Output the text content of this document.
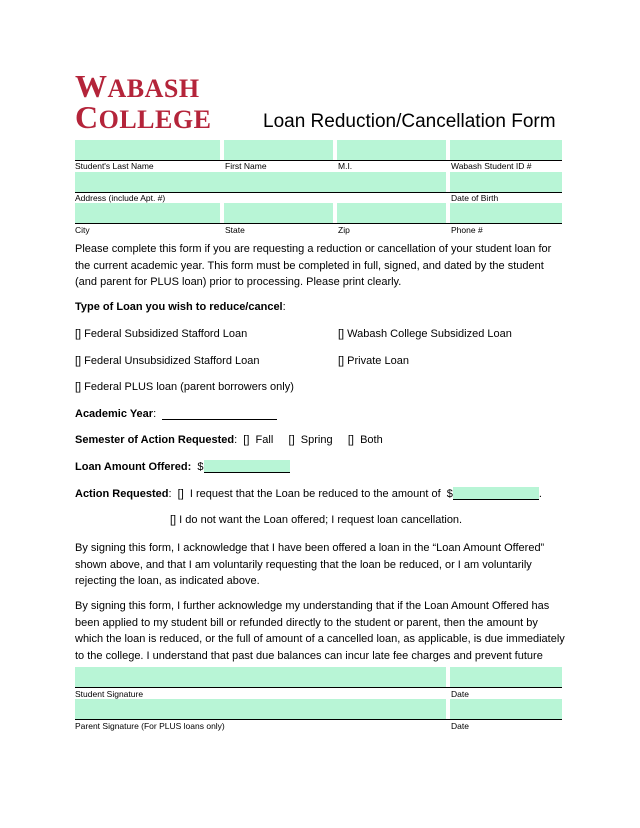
WABASH
COLLEGE	Loan Reduction/Cancellation Form
Student's Last Name	First Name	M.I.	Wabash Student ID #
Address (include Apt. #)	Date of Birth
City	State	Zip	Phone #

Please complete this form if you are requesting a reduction or cancellation of your student loan for the current academic year. This form must be completed in full, signed, and dated by the student (and parent for PLUS loan) prior to processing. Please print clearly.

Type of Loan you wish to reduce/cancel:
[] Federal Subsidized Stafford Loan	[] Wabash College Subsidized Loan
[] Federal Unsubsidized Stafford Loan	[] Private Loan
[] Federal PLUS loan (parent borrowers only)
Academic Year:
Semester of Action Requested:  []  Fall     []  Spring     []  Both
Loan Amount Offered: $
Action Requested:  []  I request that the Loan be reduced to the amount of  $	.
[] I do not want the Loan offered; I request loan cancellation.

By signing this form, I acknowledge that I have been offered a loan in the “Loan Amount Offered” shown above, and that I am voluntarily requesting that the loan be reduced, or I am voluntarily rejecting the loan, as indicated above.

By signing this form, I further acknowledge my understanding that if the Loan Amount Offered has been applied to my student bill or refunded directly to the student or parent, then the amount by which the loan is reduced, or the full of amount of a cancelled loan, as applicable, is due immediately to the college. I understand that past due balances can incur late fee charges and prevent future

Student Signature	Date
Parent Signature (For PLUS loans only)	Date
